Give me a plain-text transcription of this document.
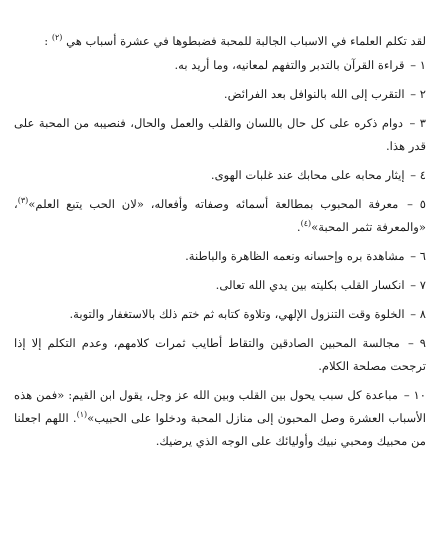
لقد تكلم العلماء في الاسباب الجالبة للمحبة فضبطوها في عشرة أسباب هي $^{(٢)}$ :

١ – قراءة القرآن بالتدبر والتفهم لمعانيه، وما أريد به.

٢ – التقرب إلى الله بالنوافل بعد الفرائض.

٣ – دوام ذكره على كل حال باللسان والقلب والعمل والحال، فنصيبه من المحبة على قدر هذا.

٤ – إيثار محابه على محابك عند غلبات الهوى.

٥ – معرفة المحبوب بمطالعة أسمائه وصفاته وأفعاله، «لان الحب يتبع العلم»$^{(٣)}$، «والمعرفة تثمر المحبة»$^{(٤)}$.

٦ – مشاهدة بره وإحسانه ونعمه الظاهرة والباطنة.

٧ – انكسار القلب بكليته بين يدي الله تعالى.

٨ – الخلوة وقت التنزول الإلهي، وتلاوة كتابه ثم ختم ذلك بالاستغفار والتوبة.

٩ – مجالسة المحبين الصادقين والتقاط أطايب ثمرات كلامهم، وعدم التكلم إلا إذا ترجحت مصلحة الكلام.

١٠ – مباعدة كل سبب يحول بين القلب وبين الله عز وجل، يقول ابن القيم: «فمن هذه الأسباب العشرة وصل المحبون إلى منازل المحبة ودخلوا على الحبيب»$^{(١)}$. اللهم اجعلنا من محبيك ومحبي نبيك وأوليائك على الوجه الذي يرضيك.
